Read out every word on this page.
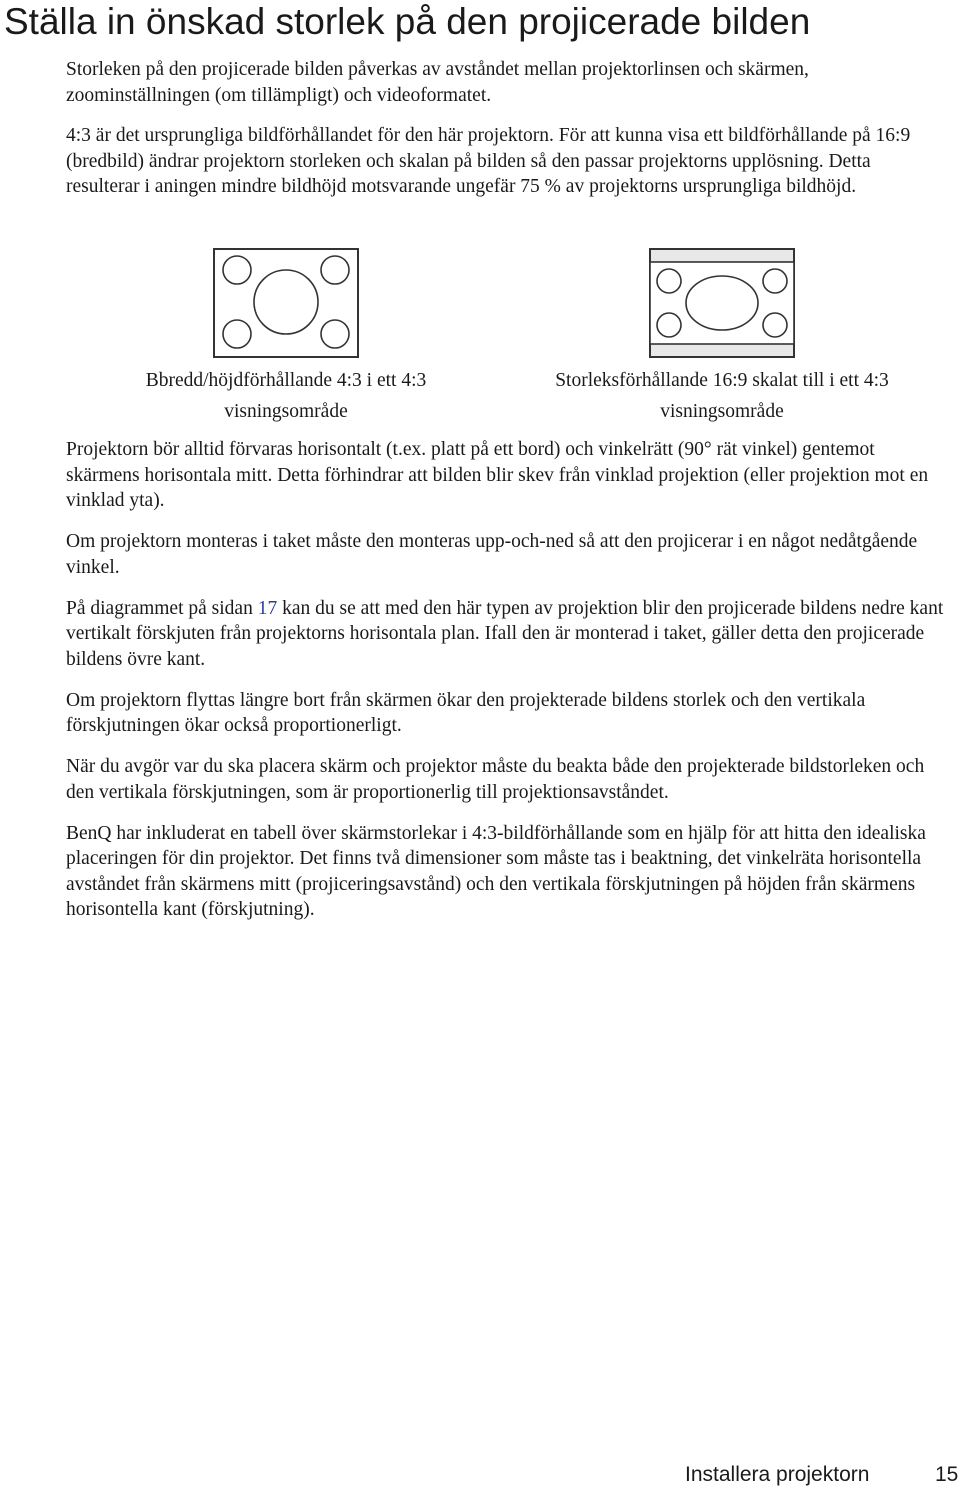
Ställa in önskad storlek på den projicerade bilden

Storleken på den projicerade bilden påverkas av avståndet mellan projektorlinsen och skärmen, zoominställningen (om tillämpligt) och videoformatet.

4:3 är det ursprungliga bildförhållandet för den här projektorn. För att kunna visa ett bildförhållande på 16:9 (bredbild) ändrar projektorn storleken och skalan på bilden så den passar projektorns upplösning. Detta resulterar i aningen mindre bildhöjd motsvarande ungefär 75 % av projektorns ursprungliga bildhöjd.

Bbredd/höjdförhållande 4:3 i ett 4:3
visningsområde
Storleksförhållande 16:9 skalat till i ett 4:3
visningsområde

Projektorn bör alltid förvaras horisontalt (t.ex. platt på ett bord) och vinkelrätt (90° rät vinkel) gentemot skärmens horisontala mitt. Detta förhindrar att bilden blir skev från vinklad projektion (eller projektion mot en vinklad yta).

Om projektorn monteras i taket måste den monteras upp-och-ned så att den projicerar i en något nedåtgående vinkel.

På diagrammet på sidan 17 kan du se att med den här typen av projektion blir den projicerade bildens nedre kant vertikalt förskjuten från projektorns horisontala plan. Ifall den är monterad i taket, gäller detta den projicerade bildens övre kant.

Om projektorn flyttas längre bort från skärmen ökar den projekterade bildens storlek och den vertikala förskjutningen ökar också proportionerligt.

När du avgör var du ska placera skärm och projektor måste du beakta både den projekterade bildstorleken och den vertikala förskjutningen, som är proportionerlig till projektionsavståndet.

BenQ har inkluderat en tabell över skärmstorlekar i 4:3-bildförhållande som en hjälp för att hitta den idealiska placeringen för din projektor. Det finns två dimensioner som måste tas i beaktning, det vinkelräta horisontella avståndet från skärmens mitt (projiceringsavstånd) och den vertikala förskjutningen på höjden från skärmens horisontella kant (förskjutning).

Installera projektorn	15
